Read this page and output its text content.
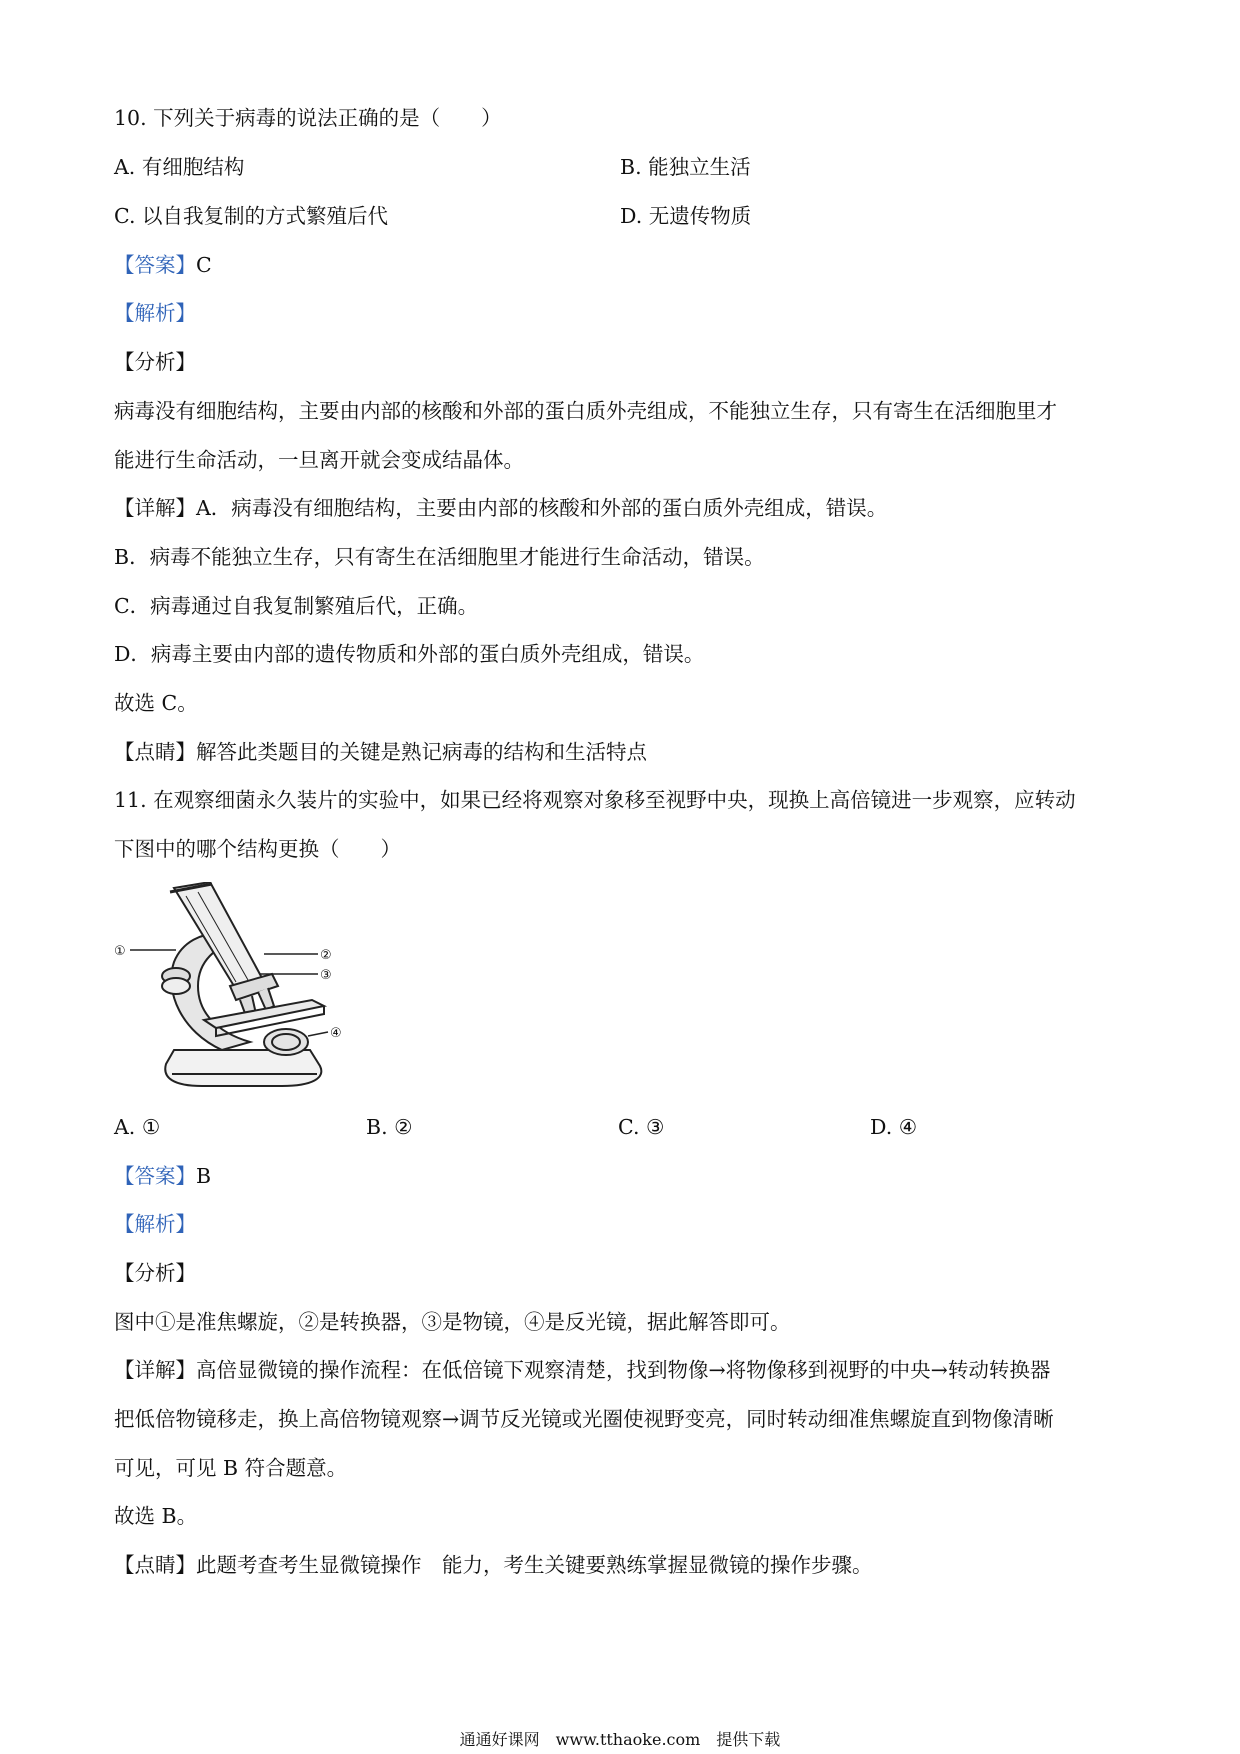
10. 下列关于病毒的说法正确的是（　　）
A. 有细胞结构	B. 能独立生活
C. 以自我复制的方式繁殖后代	D. 无遗传物质
【答案】C
【解析】
【分析】
病毒没有细胞结构，主要由内部的核酸和外部的蛋白质外壳组成，不能独立生存，只有寄生在活细胞里才
能进行生命活动，一旦离开就会变成结晶体。
【详解】A．病毒没有细胞结构，主要由内部的核酸和外部的蛋白质外壳组成，错误。
B．病毒不能独立生存，只有寄生在活细胞里才能进行生命活动，错误。
C．病毒通过自我复制繁殖后代，正确。
D．病毒主要由内部的遗传物质和外部的蛋白质外壳组成，错误。
故选 C。
【点睛】解答此类题目的关键是熟记病毒的结构和生活特点
11. 在观察细菌永久装片的实验中，如果已经将观察对象移至视野中央，现换上高倍镜进一步观察，应转动
下图中的哪个结构更换（　　）
①	②
③
④
A. ①	B. ②	C. ③	D. ④
【答案】B
【解析】
【分析】
图中①是准焦螺旋，②是转换器，③是物镜，④是反光镜，据此解答即可。
【详解】高倍显微镜的操作流程：在低倍镜下观察清楚，找到物像→将物像移到视野的中央→转动转换器
把低倍物镜移走，换上高倍物镜观察→调节反光镜或光圈使视野变亮，同时转动细准焦螺旋直到物像清晰
可见，可见 B 符合题意。
故选 B。
【点睛】此题考查考生显微镜操作　能力，考生关键要熟练掌握显微镜的操作步骤。
通通好课网　www.tthaoke.com　提供下载
